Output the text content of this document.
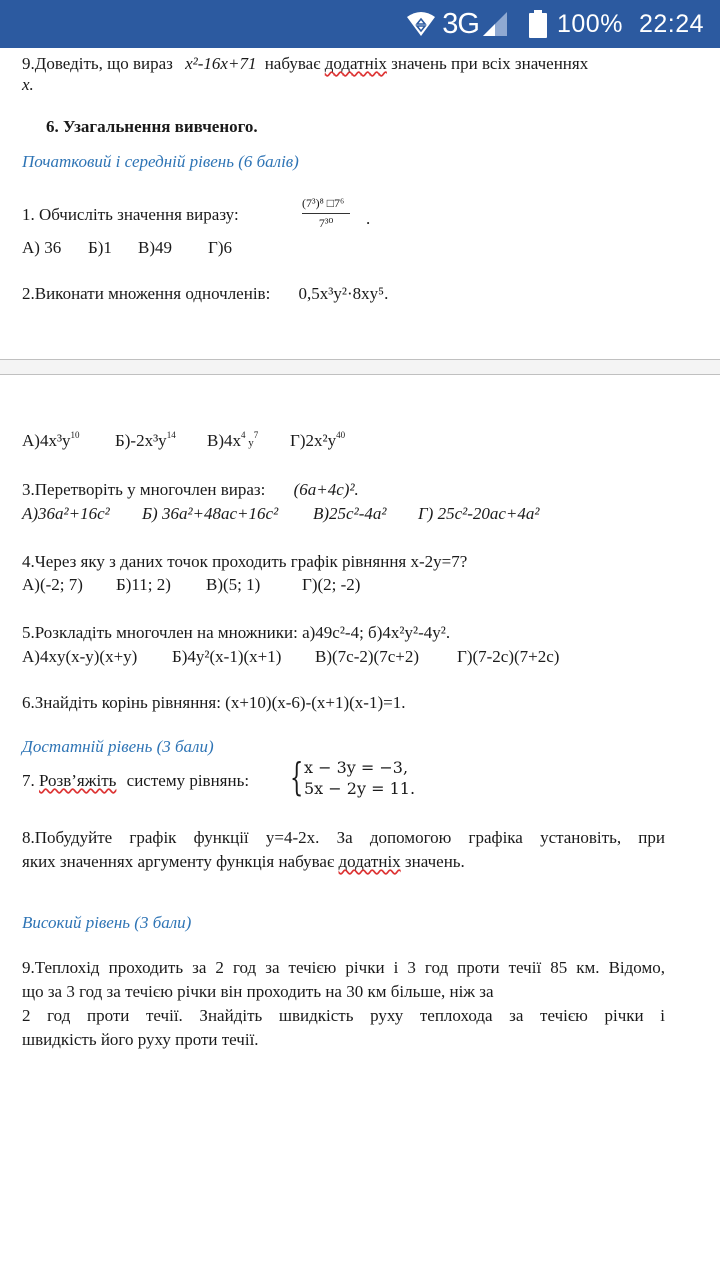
3G	100% 22:24
9.Доведіть, що вираз x²-16x+71 набуває додатніх значень при всіх значеннях
x.
6. Узагальнення вивченого.
Початковий і середній рівень (6 балів)
1. Обчисліть значення виразу:	$\frac{\text{(7³)⁸ □7⁶}}{\text{7³⁰}}$ .
А) 36 Б)1 В)49 Г)6
2.Виконати множення одночленів: 0,5x³y²·8xy⁵.
$А)4x^3y^{10}$ $Б)-2x^3y^{14}$ $В)4x^4$ $y^7$ $Г)2x^2y^{40}$
3.Перетворіть у многочлен вираз: (6a+4c)².
А)36a²+16c² Б) 36a²+48ac+16c² В)25c²-4a² Г) 25c²-20ac+4a²
4.Через яку з даних точок проходить графік рівняння x-2y=7?
А)(-2; 7) Б)11; 2) В)(5; 1) Г)(2; -2)
5.Розкладіть многочлен на множники: а)49c²-4; б)4x²y²-4y².
А)4xy(x-y)(x+y) Б)4y²(x-1)(x+1) В)(7c-2)(7c+2) Г)(7-2c)(7+2c)
6.Знайдіть корінь рівняння: (x+10)(x-6)-(x+1)(x-1)=1.
Достатній рівень (3 бали)
7. Розв’яжіть систему рівнянь: { x − 3y = −3,
5x − 2y = 11.
8.Побудуйте графік функції y=4-2x. За допомогою графіка установіть, при
яких значеннях аргументу функція набуває додатніх значень.
Високий рівень (3 бали)
9.Теплохід проходить за 2 год за течією річки і 3 год проти течії 85 км. Відомо,
що за 3 год за течією річки він проходить на 30 км більше, ніж за
2 год проти течії. Знайдіть швидкість руху теплохода за течією річки і
швидкість його руху проти течії.
